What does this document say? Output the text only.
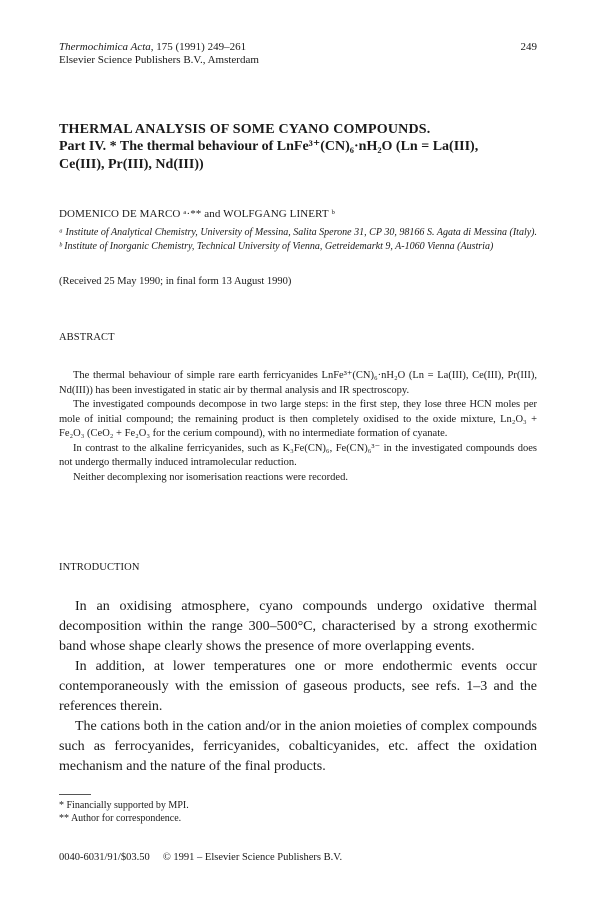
Thermochimica Acta, 175 (1991) 249–261
Elsevier Science Publishers B.V., Amsterdam
249
THERMAL ANALYSIS OF SOME CYANO COMPOUNDS.
Part IV. * The thermal behaviour of LnFe³⁺(CN)₆·nH₂O (Ln = La(III),
Ce(III), Pr(III), Nd(III))
DOMENICO DE MARCO ᵃ·** and WOLFGANG LINERT ᵇ
ᵃ Institute of Analytical Chemistry, University of Messina, Salita Sperone 31, CP 30, 98166 S. Agata di Messina (Italy). ᵇ Institute of Inorganic Chemistry, Technical University of Vienna, Getreidemarkt 9, A-1060 Vienna (Austria)
(Received 25 May 1990; in final form 13 August 1990)
ABSTRACT

The thermal behaviour of simple rare earth ferricyanides LnFe³⁺(CN)₆·nH₂O (Ln = La(III), Ce(III), Pr(III), Nd(III)) has been investigated in static air by thermal analysis and IR spectroscopy.

The investigated compounds decompose in two large steps: in the first step, they lose three HCN moles per mole of initial compound; the remaining product is then completely oxidised to the oxide mixture, Ln₂O₃ + Fe₂O₃ (CeO₂ + Fe₂O₃ for the cerium compound), with no intermediate formation of cyanate.

In contrast to the alkaline ferricyanides, such as K₃Fe(CN)₆, Fe(CN)₆³⁻ in the investigated compounds does not undergo thermally induced intramolecular reduction.

Neither decomplexing nor isomerisation reactions were recorded.

INTRODUCTION

In an oxidising atmosphere, cyano compounds undergo oxidative thermal decomposition within the range 300–500°C, characterised by a strong exothermic band whose shape clearly shows the presence of more overlapping events.

In addition, at lower temperatures one or more endothermic events occur contemporaneously with the emission of gaseous products, see refs. 1–3 and the references therein.

The cations both in the cation and/or in the anion moieties of complex compounds such as ferrocyanides, ferricyanides, cobalticyanides, etc. affect the oxidation mechanism and the nature of the final products.

* Financially supported by MPI.
** Author for correspondence.
0040-6031/91/$03.50     © 1991 – Elsevier Science Publishers B.V.
